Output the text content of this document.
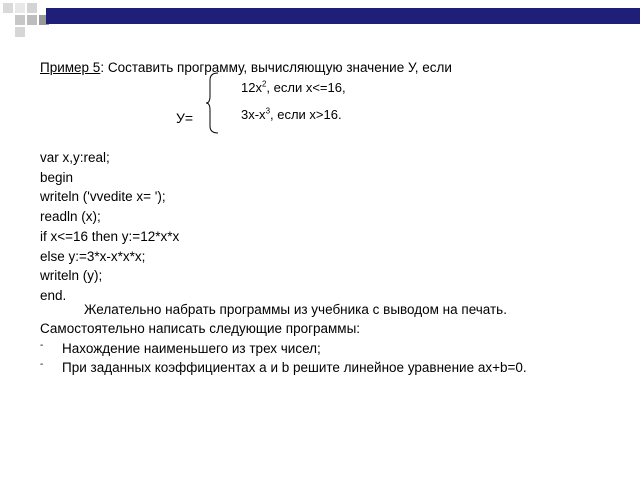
Пример 5: Составить программу, вычисляющую значение У, если
У=
$12x^2$, если x<=16,
$3x-x^3$, если x>16.
var x,y:real;
begin
writeln ('vvedite x= ');
readln (x);
if x<=16 then y:=12*x*x
else y:=3*x-x*x*x;
writeln (y);
end.
Желательно набрать программы из учебника с выводом на печать.
Самостоятельно написать следующие программы:
- Нахождение наименьшего из трех чисел;
- При заданных коэффициентах a и b решите линейное уравнение ax+b=0.
